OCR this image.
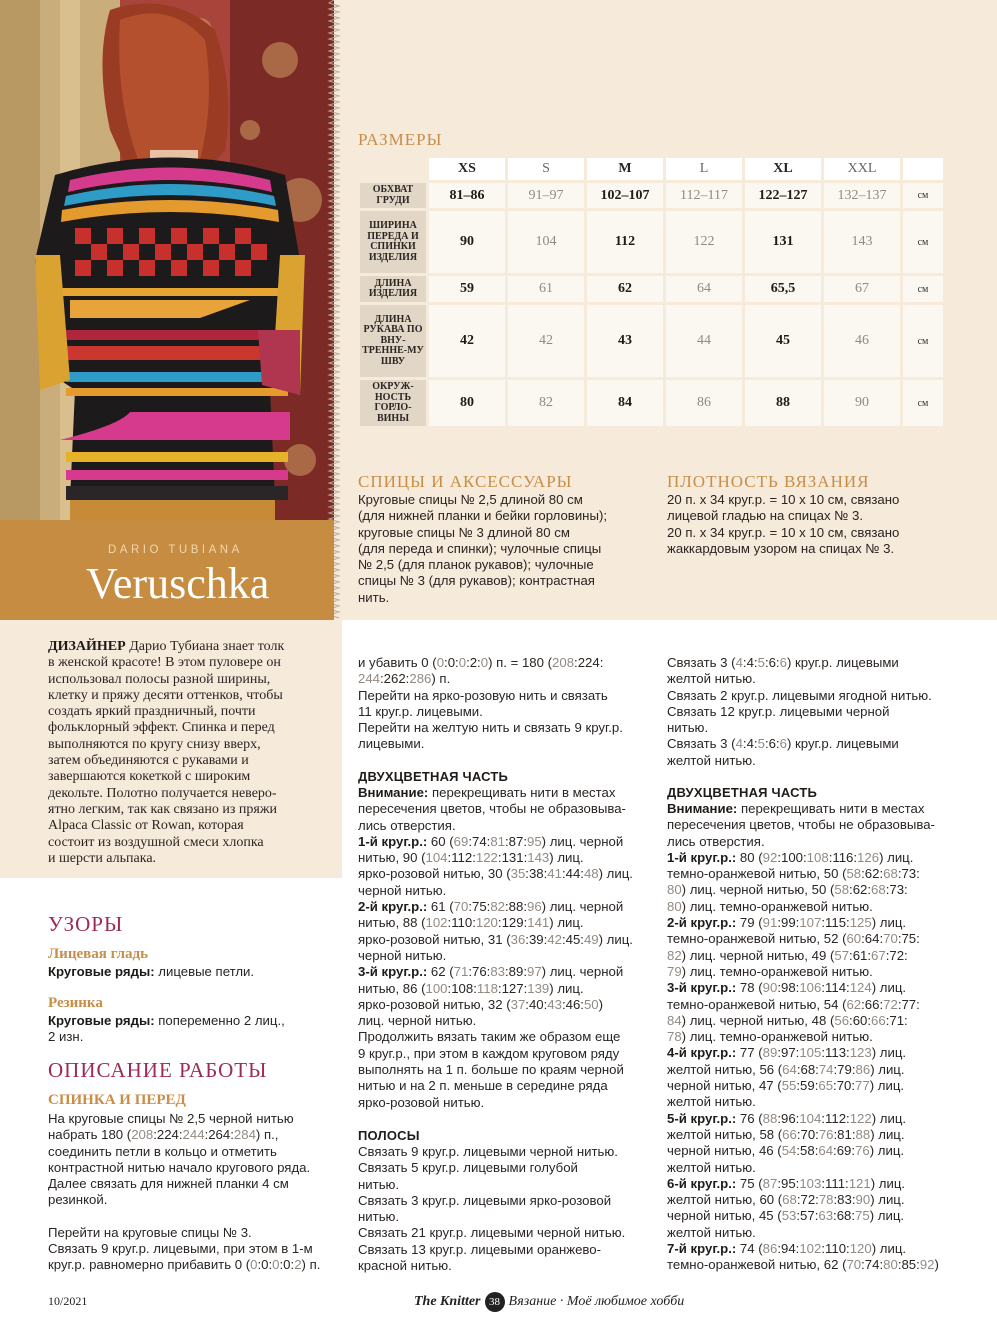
DARIO TUBIANA
Veruschka
РАЗМЕРЫ
	XS	S	M	L	XL	XXL	
ОБХВАТ ГРУДИ	81–86	91–97	102–107	112–117	122–127	132–137	см
ШИРИНА ПЕРЕДА И СПИНКИ ИЗДЕЛИЯ	90	104	112	122	131	143	см
ДЛИНА ИЗДЕЛИЯ	59	61	62	64	65,5	67	см
ДЛИНА РУКАВА ПО ВНУ-ТРЕННЕ-МУ ШВУ	42	42	43	44	45	46	см
ОКРУЖ-НОСТЬ ГОРЛО-ВИНЫ	80	82	84	86	88	90	см
СПИЦЫ И АКСЕССУАРЫ
Круговые спицы № 2,5 длиной 80 см
(для нижней планки и бейки горловины);
круговые спицы № 3 длиной 80 см
(для переда и спинки); чулочные спицы
№ 2,5 (для планок рукавов); чулочные
спицы № 3 (для рукавов); контрастная
нить.
ПЛОТНОСТЬ ВЯЗАНИЯ
20 п. х 34 круг.р. = 10 х 10 см, связано
лицевой гладью на спицах № 3.
20 п. х 34 круг.р. = 10 х 10 см, связано
жаккардовым узором на спицах № 3.
ДИЗАЙНЕР Дарио Тубиана знает толк
в женской красоте! В этом пуловере он
использовал полосы разной ширины,
клетку и пряжу десяти оттенков, чтобы
создать яркий праздничный, почти
фольклорный эффект. Спинка и перед
выполняются по кругу снизу вверх,
затем объединяются с рукавами и
завершаются кокеткой с широким
декольте. Полотно получается неверо-
ятно легким, так как связано из пряжи
Alpaca Classic от Rowan, которая
состоит из воздушной смеси хлопка
и шерсти альпака.
УЗОРЫ
Лицевая гладь
Круговые ряды: лицевые петли.
Резинка
Круговые ряды: попеременно 2 лиц.,
2 изн.
ОПИСАНИЕ РАБОТЫ
СПИНКА И ПЕРЕД

На круговые спицы № 2,5 черной нитью

набрать 180 (208:224:244:264:284) п.,

соединить петли в кольцо и отметить

контрастной нитью начало кругового ряда.

Далее связать для нижней планки 4 см

резинкой.

Перейти на круговые спицы № 3.

Связать 9 круг.р. лицевыми, при этом в 1-м

круг.р. равномерно прибавить 0 (0:0:0:0:2) п.

и убавить 0 (0:0:0:2:0) п. = 180 (208:224:

244:262:286) п.

Перейти на ярко-розовую нить и связать

11 круг.р. лицевыми.

Перейти на желтую нить и связать 9 круг.р.

лицевыми.

ДВУХЦВЕТНАЯ ЧАСТЬ

Внимание: перекрещивать нити в местах

пересечения цветов, чтобы не образовыва-

лись отверстия.

1-й круг.р.: 60 (69:74:81:87:95) лиц. черной

нитью, 90 (104:112:122:131:143) лиц.

ярко-розовой нитью, 30 (35:38:41:44:48) лиц.

черной нитью.

2-й круг.р.: 61 (70:75:82:88:96) лиц. черной

нитью, 88 (102:110:120:129:141) лиц.

ярко-розовой нитью, 31 (36:39:42:45:49) лиц.

черной нитью.

3-й круг.р.: 62 (71:76:83:89:97) лиц. черной

нитью, 86 (100:108:118:127:139) лиц.

ярко-розовой нитью, 32 (37:40:43:46:50)

лиц. черной нитью.

Продолжить вязать таким же образом еще

9 круг.р., при этом в каждом круговом ряду

выполнять на 1 п. больше по краям черной

нитью и на 2 п. меньше в середине ряда

ярко-розовой нитью.

ПОЛОСЫ

Связать 9 круг.р. лицевыми черной нитью.

Связать 5 круг.р. лицевыми голубой

нитью.

Связать 3 круг.р. лицевыми ярко-розовой

нитью.

Связать 21 круг.р. лицевыми черной нитью.

Связать 13 круг.р. лицевыми оранжево-

красной нитью.

Связать 3 (4:4:5:6:6) круг.р. лицевыми

желтой нитью.

Связать 2 круг.р. лицевыми ягодной нитью.

Связать 12 круг.р. лицевыми черной

нитью.

Связать 3 (4:4:5:6:6) круг.р. лицевыми

желтой нитью.

ДВУХЦВЕТНАЯ ЧАСТЬ

Внимание: перекрещивать нити в местах

пересечения цветов, чтобы не образовыва-

лись отверстия.

1-й круг.р.: 80 (92:100:108:116:126) лиц.

темно-оранжевой нитью, 50 (58:62:68:73:

80) лиц. черной нитью, 50 (58:62:68:73:

80) лиц. темно-оранжевой нитью.

2-й круг.р.: 79 (91:99:107:115:125) лиц.

темно-оранжевой нитью, 52 (60:64:70:75:

82) лиц. черной нитью, 49 (57:61:67:72:

79) лиц. темно-оранжевой нитью.

3-й круг.р.: 78 (90:98:106:114:124) лиц.

темно-оранжевой нитью, 54 (62:66:72:77:

84) лиц. черной нитью, 48 (56:60:66:71:

78) лиц. темно-оранжевой нитью.

4-й круг.р.: 77 (89:97:105:113:123) лиц.

желтой нитью, 56 (64:68:74:79:86) лиц.

черной нитью, 47 (55:59:65:70:77) лиц.

желтой нитью.

5-й круг.р.: 76 (88:96:104:112:122) лиц.

желтой нитью, 58 (66:70:76:81:88) лиц.

черной нитью, 46 (54:58:64:69:76) лиц.

желтой нитью.

6-й круг.р.: 75 (87:95:103:111:121) лиц.

желтой нитью, 60 (68:72:78:83:90) лиц.

черной нитью, 45 (53:57:63:68:75) лиц.

желтой нитью.

7-й круг.р.: 74 (86:94:102:110:120) лиц.

темно-оранжевой нитью, 62 (70:74:80:85:92)

10/2021	The Knitter 38 Вязание · Моё любимое хобби
